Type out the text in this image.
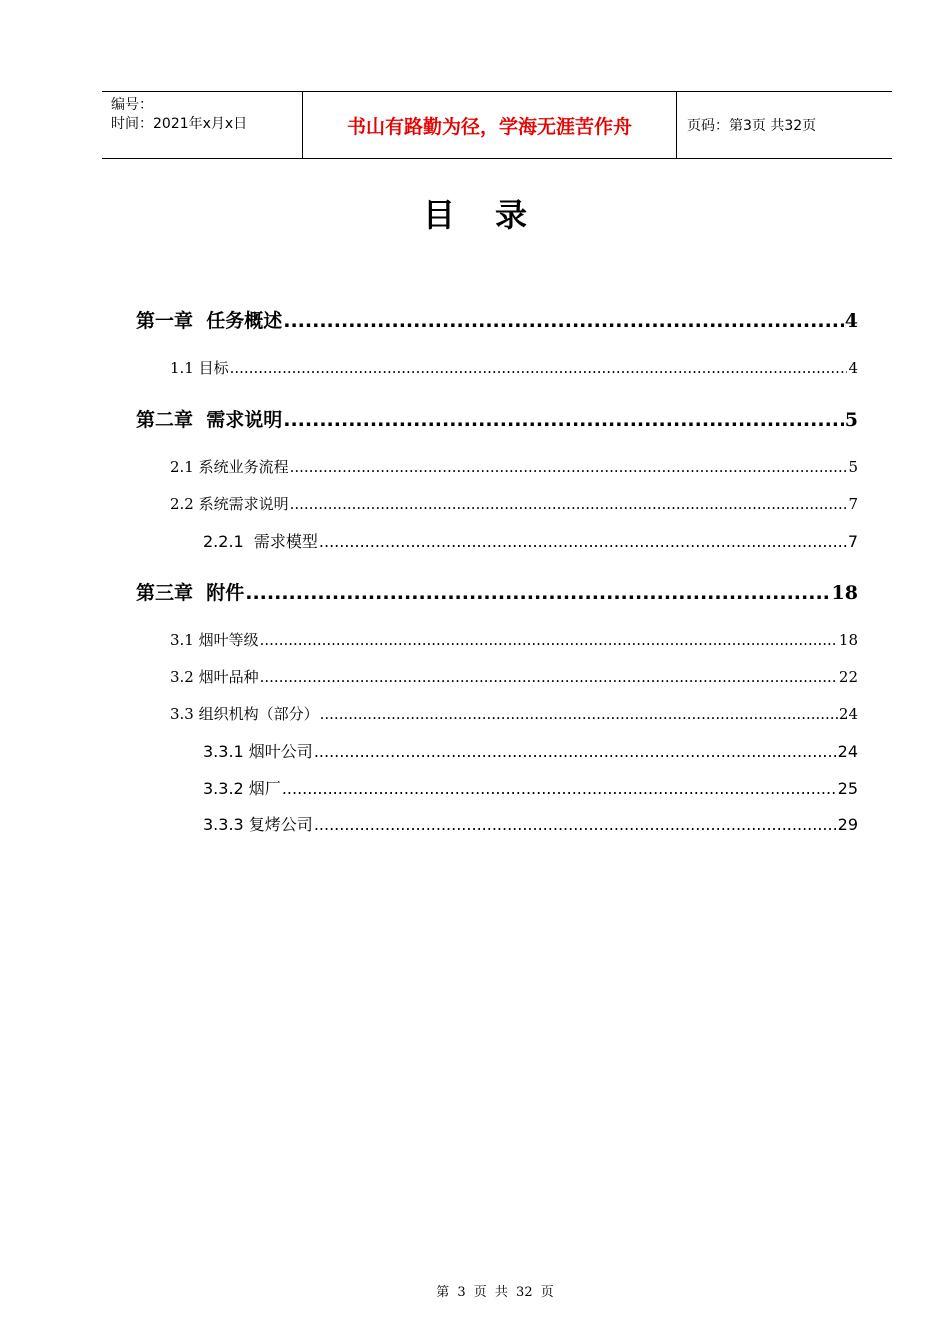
编号：
时间：2021年x月x日	书山有路勤为径，学海无涯苦作舟	页码：第3页 共32页
目录
第一章  任务概述 .....	4
1.1 目标 .....	4
第二章  需求说明 .....	5
2.1 系统业务流程 .....	5
2.2 系统需求说明 .....	7
2.2.1  需求模型 .....	7
第三章  附件 .....	18
3.1 烟叶等级 .....	18
3.2 烟叶品种 .....	22
3.3 组织机构（部分） .....	24
3.3.1 烟叶公司 .....	24
3.3.2 烟厂 .....	25
3.3.3 复烤公司 .....	29
第 3 页 共 32 页
